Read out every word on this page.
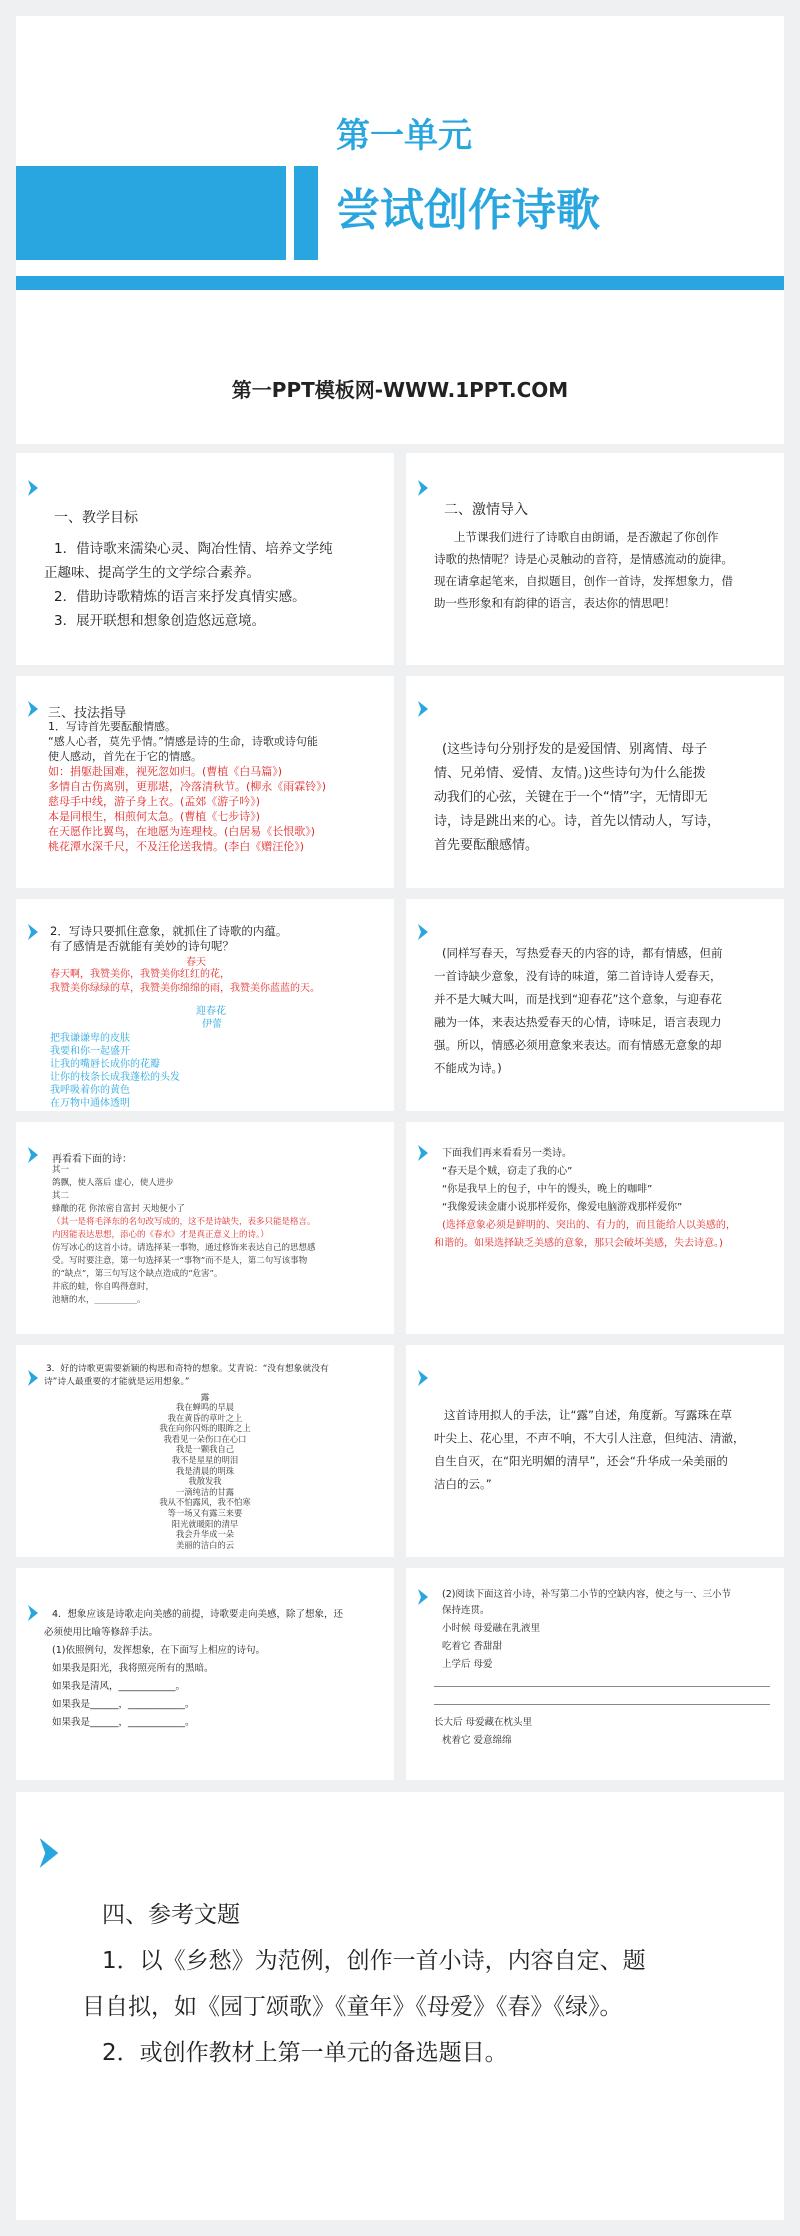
第一单元
尝试创作诗歌
第一PPT模板网-WWW.1PPT.COM
一、教学目标
1．借诗歌来濡染心灵、陶冶性情、培养文学纯
正趣味、提高学生的文学综合素养。
2．借助诗歌精炼的语言来抒发真情实感。
3．展开联想和想象创造悠远意境。
二、激情导入
上节课我们进行了诗歌自由朗诵，是否激起了你创作
诗歌的热情呢？诗是心灵触动的音符，是情感流动的旋律。
现在请拿起笔来，自拟题目，创作一首诗，发挥想象力，借
助一些形象和有韵律的语言，表达你的情思吧！
三、技法指导
1．写诗首先要酝酿情感。
“感人心者，莫先乎情。”情感是诗的生命，诗歌或诗句能
使人感动，首先在于它的情感。
如：捐躯赴国难，视死忽如归。(曹植《白马篇》)
多情自古伤离别，更那堪，冷落清秋节。(柳永《雨霖铃》)
慈母手中线，游子身上衣。(孟郊《游子吟》)
本是同根生，相煎何太急。(曹植《七步诗》)
在天愿作比翼鸟，在地愿为连理枝。(白居易《长恨歌》)
桃花潭水深千尺，不及汪伦送我情。(李白《赠汪伦》)
(这些诗句分别抒发的是爱国情、别离情、母子
情、兄弟情、爱情、友情。)这些诗句为什么能拨
动我们的心弦，关键在于一个“情”字，无情即无
诗，诗是跳出来的心。诗，首先以情动人，写诗，
首先要酝酿感情。
2．写诗只要抓住意象，就抓住了诗歌的内蕴。
有了感情是否就能有美妙的诗句呢？
春天
春天啊，我赞美你，我赞美你红红的花，
我赞美你绿绿的草，我赞美你绵绵的雨，我赞美你蓝蓝的天。
迎春花
伊蕾
把我谦谦卑的皮肤
我要和你一起盛开
让我的嘴唇长成你的花瓣
让你的枝条长成我蓬松的头发
我呼吸着你的黄色
在万物中通体透明
(同样写春天，写热爱春天的内容的诗，都有情感，但前
一首诗缺少意象，没有诗的味道，第二首诗诗人爱春天，
并不是大喊大叫，而是找到“迎春花”这个意象，与迎春花
融为一体，来表达热爱春天的心情，诗味足，语言表现力
强。所以，情感必须用意象来表达。而有情感无意象的却
不能成为诗。)
再看看下面的诗：
其一
鸽飘，使人落后 虚心，使人进步
其二
蜂酿的花 你浓密自富封 天地便小了
（其一是将毛泽东的名句改写成的，这不是诗缺失，表多只能是格言。
内因能表达思想，添心的《春水》才是真正意义上的诗。）
仿写冰心的这首小诗。请选择某一事物，通过修饰来表达自己的思想感
受。写时要注意，第一句选择某一“事物”而不是人，第二句写该事物
的“缺点”，第三句写这个缺点造成的“危害”。
井底的蛙，你自鸣得意时，
池塘的水，__________。
下面我们再来看看另一类诗。
“春天是个贼，窃走了我的心”
“你是我早上的包子，中午的馒头，晚上的咖啡”
“我像爱读金庸小说那样爱你，像爱电脑游戏那样爱你”
(选择意象必须是鲜明的、突出的、有力的，而且能给人以美感的，
和谐的。如果选择缺乏美感的意象，那只会破坏美感，失去诗意。)
3．好的诗歌更需要新颖的构思和奇特的想象。艾青说：“没有想象就没有
诗”诗人最重要的才能就是运用想象。”
露
我在蝉鸣的早晨
我在黄昏的草叶之上
我在向你闪烁的眼眸之上
我看见一朵伤口在心口
我是一颗我自己
我不是星星的明泪
我是清晨的明珠
我散发我
一滴纯洁的甘露
我从不怕露风，我不怕寒
等一场又有露三来要
阳光就暖阳的清早
我会升华成一朵
美丽的洁白的云
这首诗用拟人的手法，让“露”自述，角度新。写露珠在草
叶尖上、花心里，不声不响，不大引人注意，但纯洁、清澈，
自生自灭，在“阳光明媚的清早”，还会“升华成一朵美丽的
洁白的云。”
4．想象应该是诗歌走向美感的前提，诗歌要走向美感，除了想象，还
必须使用比喻等修辞手法。
(1)依照例句，发挥想象，在下面写上相应的诗句。
如果我是阳光，我将照亮所有的黑暗。
如果我是清风，____________。
如果我是______，____________。
如果我是______，____________。
(2)阅读下面这首小诗，补写第二小节的空缺内容，使之与一、三小节
保持连贯。
小时候 母爱融在乳液里
吃着它 香甜甜
上学后 母爱
长大后 母爱藏在枕头里
枕着它 爱意绵绵
四、参考文题
1．以《乡愁》为范例，创作一首小诗，内容自定、题
目自拟，如《园丁颂歌》《童年》《母爱》《春》《绿》。
2．或创作教材上第一单元的备选题目。
